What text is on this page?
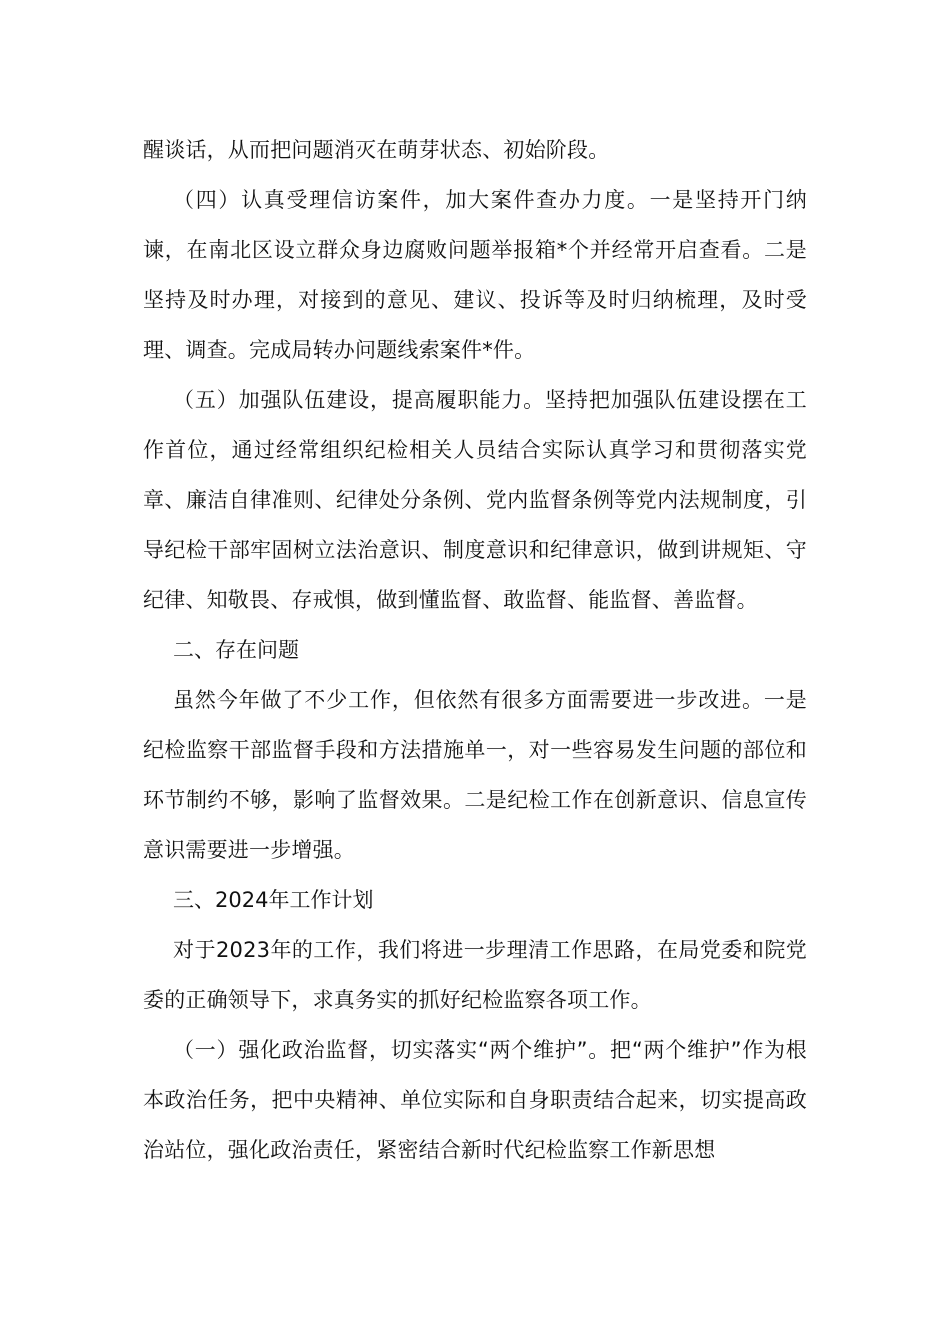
醒谈话，从而把问题消灭在萌芽状态、初始阶段。

（四）认真受理信访案件，加大案件查办力度。一是坚持开门纳谏，在南北区设立群众身边腐败问题举报箱*个并经常开启查看。二是坚持及时办理，对接到的意见、建议、投诉等及时归纳梳理，及时受理、调查。完成局转办问题线索案件*件。

（五）加强队伍建设，提高履职能力。坚持把加强队伍建设摆在工作首位，通过经常组织纪检相关人员结合实际认真学习和贯彻落实党章、廉洁自律准则、纪律处分条例、党内监督条例等党内法规制度，引导纪检干部牢固树立法治意识、制度意识和纪律意识，做到讲规矩、守纪律、知敬畏、存戒惧，做到懂监督、敢监督、能监督、善监督。

二、存在问题

虽然今年做了不少工作，但依然有很多方面需要进一步改进。一是纪检监察干部监督手段和方法措施单一，对一些容易发生问题的部位和环节制约不够，影响了监督效果。二是纪检工作在创新意识、信息宣传意识需要进一步增强。

三、2024年工作计划

对于2023年的工作，我们将进一步理清工作思路，在局党委和院党委的正确领导下，求真务实的抓好纪检监察各项工作。

（一）强化政治监督，切实落实“两个维护”。把“两个维护”作为根本政治任务，把中央精神、单位实际和自身职责结合起来，切实提高政治站位，强化政治责任，紧密结合新时代纪检监察工作新思想
